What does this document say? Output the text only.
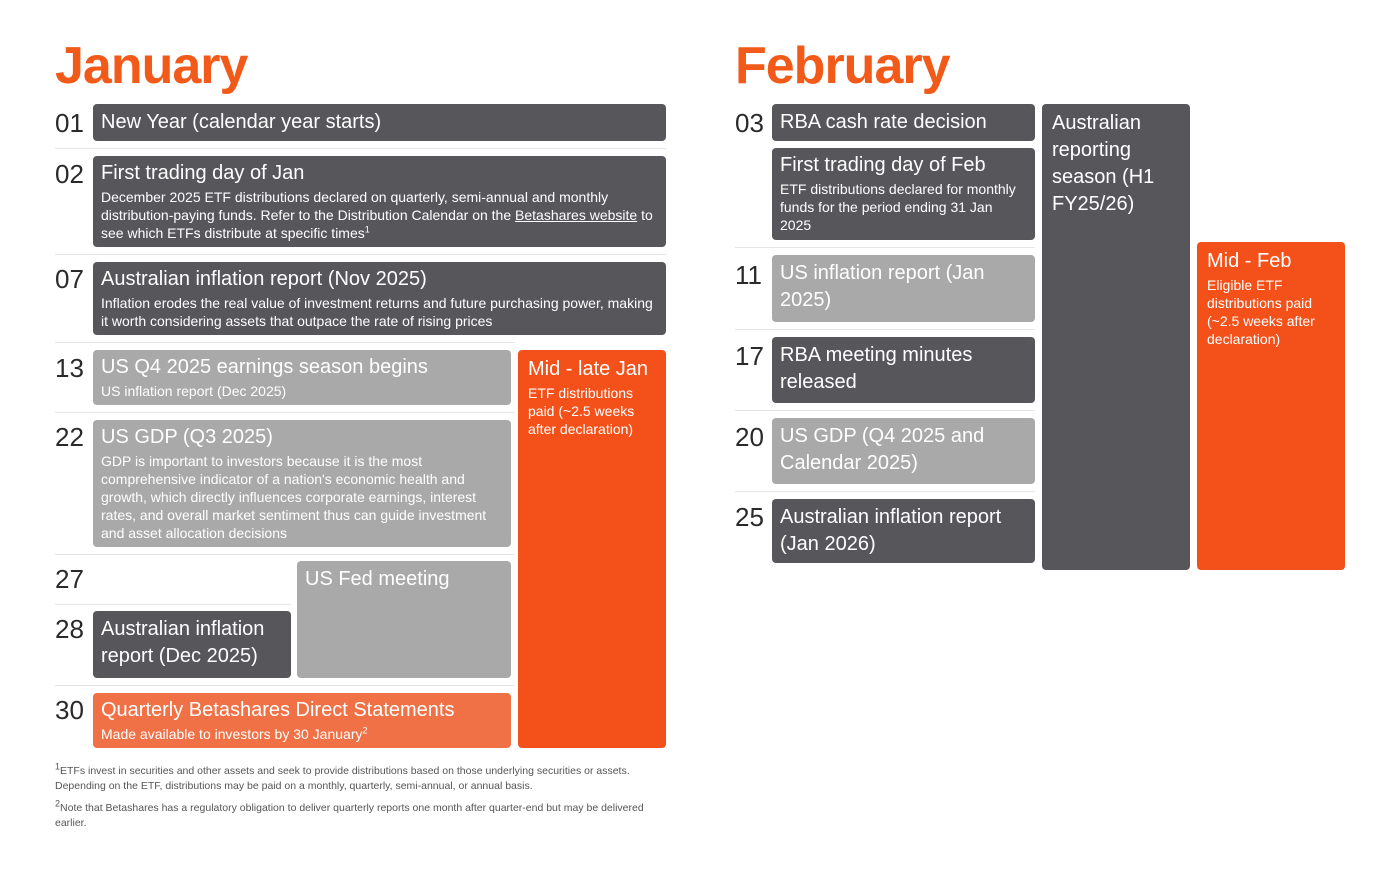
January
01 New Year (calendar year starts)
02 First trading day of Jan
December 2025 ETF distributions declared on quarterly, semi-annual and monthly distribution-paying funds. Refer to the Distribution Calendar on the Betashares website to see which ETFs distribute at specific times$^1$
07 Australian inflation report (Nov 2025)
Inflation erodes the real value of investment returns and future purchasing power, making it worth considering assets that outpace the rate of rising prices
13 US Q4 2025 earnings season begins
US inflation report (Dec 2025)
22 US GDP (Q3 2025)
GDP is important to investors because it is the most comprehensive indicator of a nation's economic health and growth, which directly influences corporate earnings, interest rates, and overall market sentiment thus can guide investment and asset allocation decisions
27	US Fed meeting
28 Australian inflation report (Dec 2025)
30 Quarterly Betashares Direct Statements
Made available to investors by 30 January$^2$
Mid - late Jan
ETF distributions paid (~2.5 weeks after declaration)
$^1$ETFs invest in securities and other assets and seek to provide distributions based on those underlying securities or assets. Depending on the ETF, distributions may be paid on a monthly, quarterly, semi-annual, or annual basis.
$^2$Note that Betashares has a regulatory obligation to deliver quarterly reports one month after quarter-end but may be delivered earlier.
February
03 RBA cash rate decision
First trading day of Feb
ETF distributions declared for monthly funds for the period ending 31 Jan 2025
11 US inflation report (Jan 2025)
17 RBA meeting minutes released
20 US GDP (Q4 2025 and Calendar 2025)
25 Australian inflation report (Jan 2026)
Australian reporting season (H1 FY25/26)
Mid - Feb
Eligible ETF distributions paid (~2.5 weeks after declaration)
